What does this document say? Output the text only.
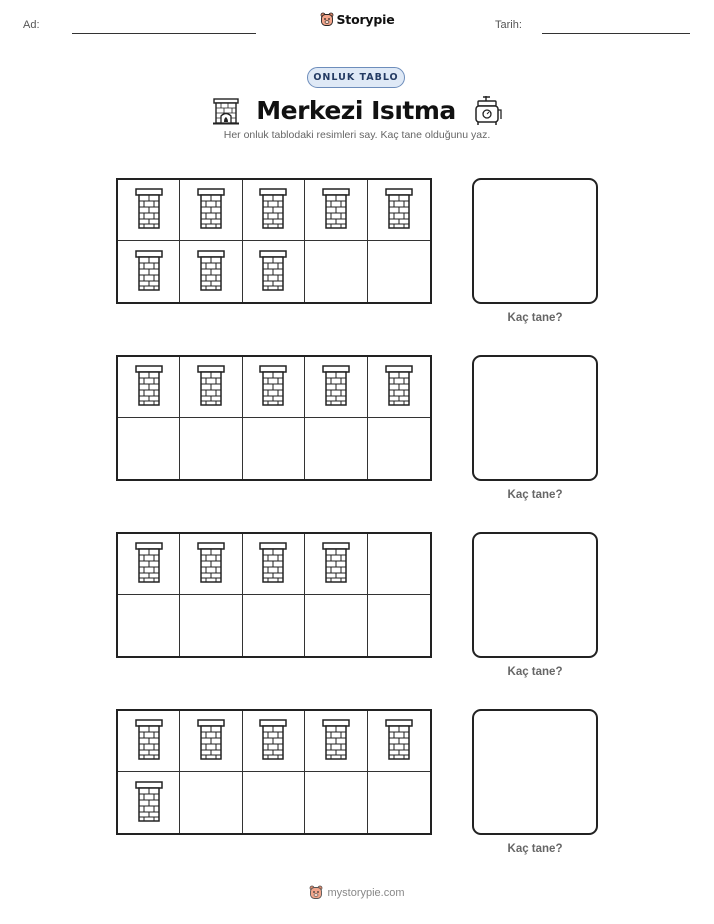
Ad:	Tarih:
Storypie
ONLUK TABLO
Merkezi Isıtma
Her onluk tablodaki resimleri say. Kaç tane olduğunu yaz.
Kaç tane?
Kaç tane?
Kaç tane?
Kaç tane?
mystorypie.com
